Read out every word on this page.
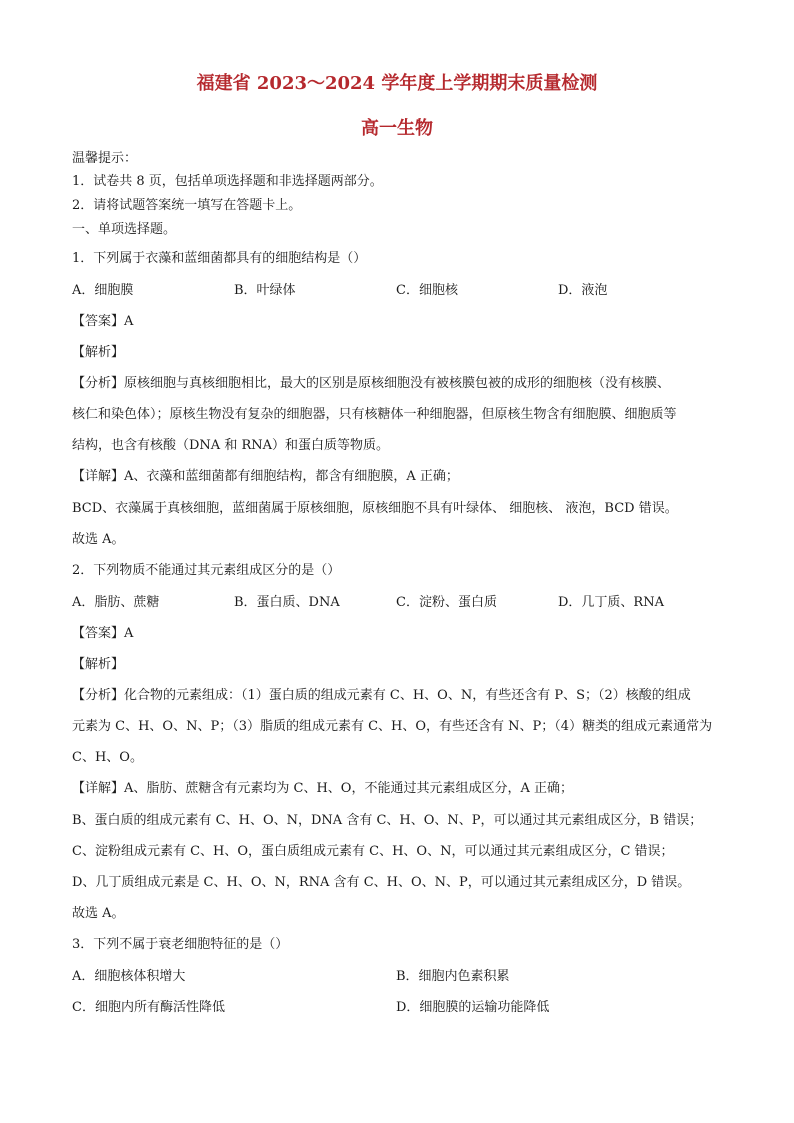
福建省 2023～2024 学年度上学期期末质量检测
高一生物
温馨提示：
1．试卷共 8 页，包括单项选择题和非选择题两部分。
2．请将试题答案统一填写在答题卡上。
一、单项选择题。
1．下列属于衣藻和蓝细菌都具有的细胞结构是（）
A．细胞膜	B．叶绿体	C．细胞核	D．液泡
【答案】A
【解析】
【分析】原核细胞与真核细胞相比，最大的区别是原核细胞没有被核膜包被的成形的细胞核（没有核膜、
核仁和染色体）；原核生物没有复杂的细胞器，只有核糖体一种细胞器，但原核生物含有细胞膜、细胞质等
结构，也含有核酸（DNA 和 RNA）和蛋白质等物质。
【详解】A、衣藻和蓝细菌都有细胞结构，都含有细胞膜，A 正确；
BCD、衣藻属于真核细胞，蓝细菌属于原核细胞，原核细胞不具有叶绿体、 细胞核、 液泡，BCD 错误。
故选 A。
2．下列物质不能通过其元素组成区分的是（）
A．脂肪、蔗糖	B．蛋白质、DNA	C．淀粉、蛋白质	D．几丁质、RNA
【答案】A
【解析】
【分析】化合物的元素组成：（1）蛋白质的组成元素有 C、H、O、N，有些还含有 P、S；（2）核酸的组成
元素为 C、H、O、N、P；（3）脂质的组成元素有 C、H、O，有些还含有 N、P；（4）糖类的组成元素通常为
C、H、O。
【详解】A、脂肪、蔗糖含有元素均为 C、H、O，不能通过其元素组成区分，A 正确；
B、蛋白质的组成元素有 C、H、O、N，DNA 含有 C、H、O、N、P，可以通过其元素组成区分，B 错误；
C、淀粉组成元素有 C、H、O，蛋白质组成元素有 C、H、O、N，可以通过其元素组成区分，C 错误；
D、几丁质组成元素是 C、H、O、N，RNA 含有 C、H、O、N、P，可以通过其元素组成区分，D 错误。
故选 A。
3．下列不属于衰老细胞特征的是（）
A．细胞核体积增大	B．细胞内色素积累
C．细胞内所有酶活性降低	D．细胞膜的运输功能降低
